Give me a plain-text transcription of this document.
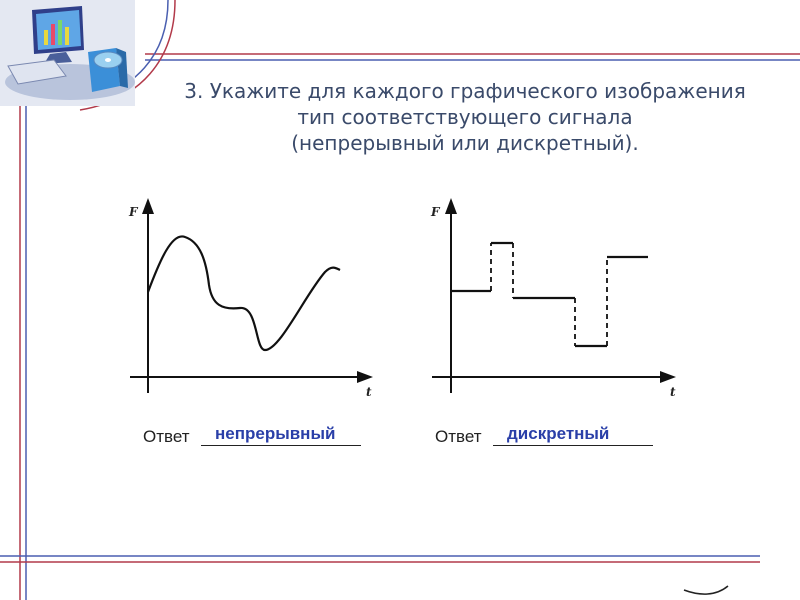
3. Укажите для каждого графического изображения
тип соответствующего сигнала
(непрерывный или дискретный).
F
t
F
t
Ответ непрерывный	Ответ дискретный
